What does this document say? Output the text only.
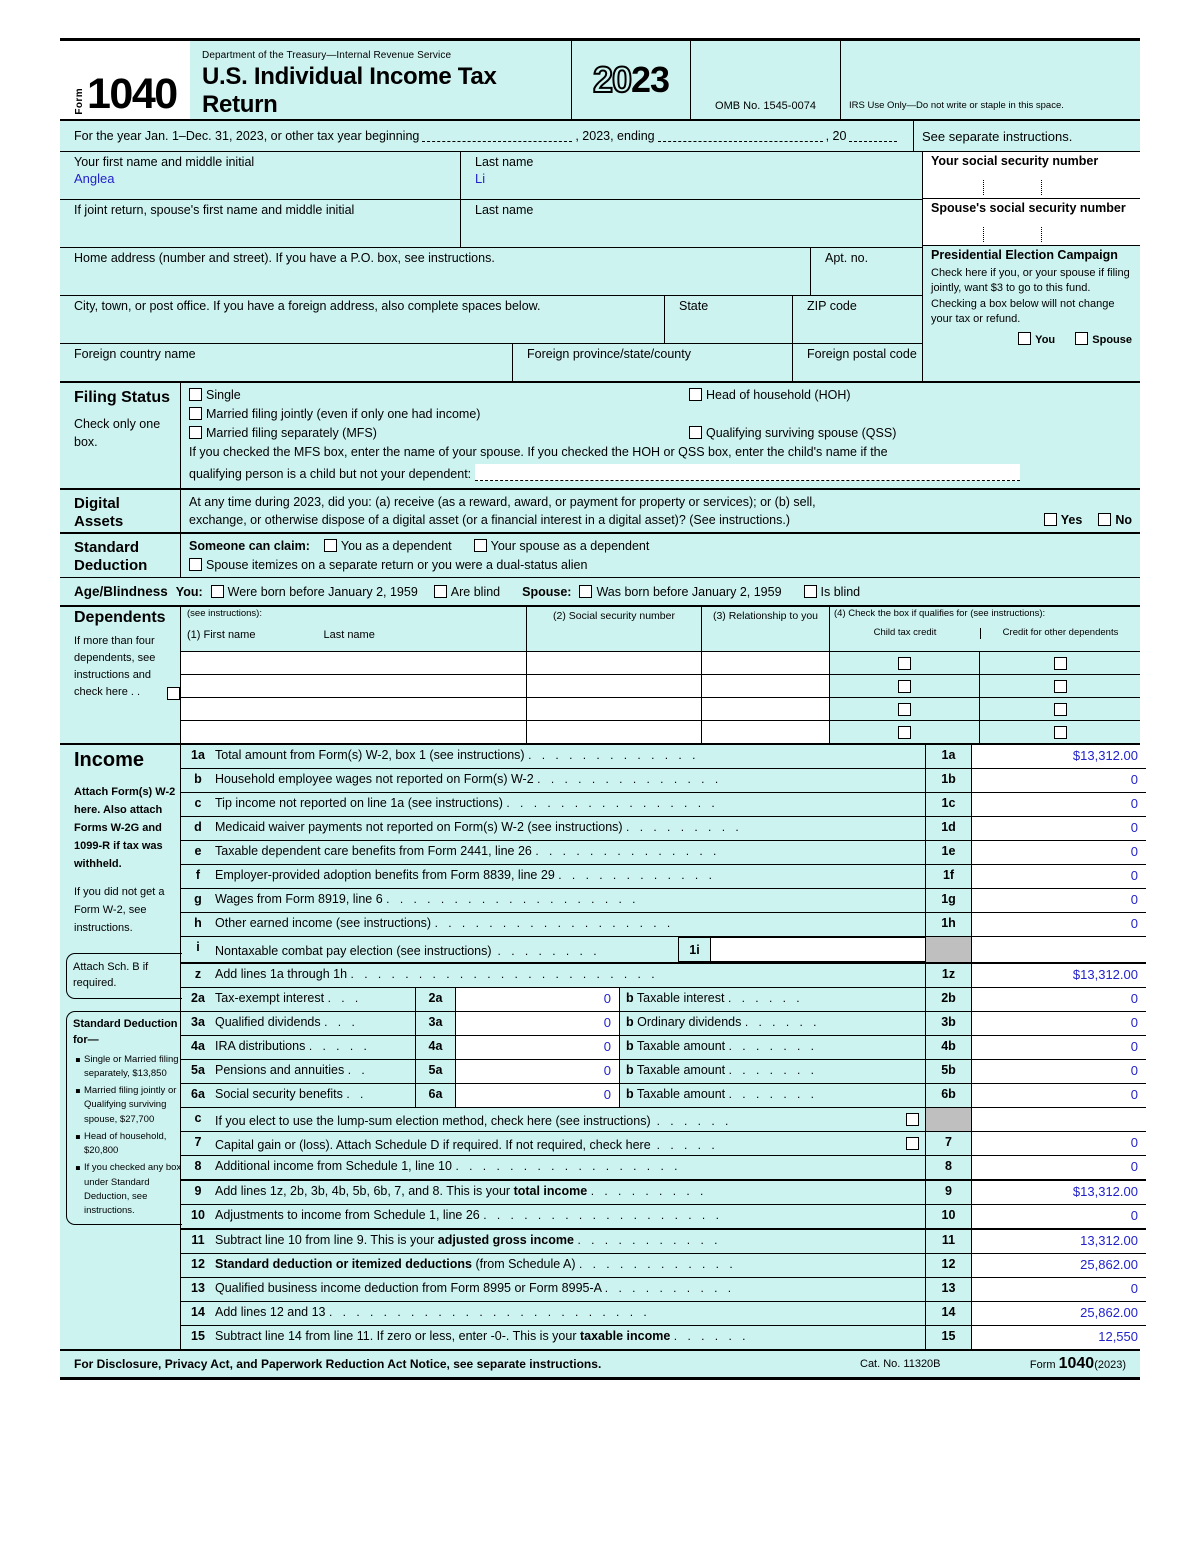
Form 1040
Department of the Treasury—Internal Revenue Service
U.S. Individual Income Tax Return
20 23
OMB No. 1545-0074	IRS Use Only—Do not write or staple in this space.
For the year Jan. 1–Dec. 31, 2023, or other tax year beginning	, 2023, ending	, 20	See separate instructions.
Your first name and middle initial
Anglea
Last name
Li
If joint return, spouse's first name and middle initial	Last name
Home address (number and street). If you have a P.O. box, see instructions.	Apt. no.
City, town, or post office. If you have a foreign address, also complete spaces below.	State	ZIP code
Foreign country name	Foreign province/state/county	Foreign postal code
Your social security number
Spouse's social security number
Presidential Election Campaign
Check here if you, or your spouse if filing jointly, want $3 to go to this fund. Checking a box below will not change your tax or refund.
You	Spouse
Filing Status
Check only one box.
Single	Head of household (HOH)
Married filing jointly (even if only one had income)
Married filing separately (MFS)	Qualifying surviving spouse (QSS)
If you checked the MFS box, enter the name of your spouse. If you checked the HOH or QSS box, enter the child's name if the
qualifying person is a child but not your dependent:
Digital
Assets
At any time during 2023, did you: (a) receive (as a reward, award, or payment for property or services); or (b) sell,
exchange, or otherwise dispose of a digital asset (or a financial interest in a digital asset)? (See instructions.)	Yes	No
Standard
Deduction
Someone can claim:	You as a dependent	Your spouse as a dependent
Spouse itemizes on a separate return or you were a dual-status alien
Age/Blindness You:	Were born before January 2, 1959	Are blind Spouse:	Was born before January 2, 1959	Is blind
Dependents
If more than four dependents, see instructions and check here . .
(see instructions):
(1) First name	Last name
(2) Social security number	(3) Relationship to you	(4) Check the box if qualifies for (see instructions):
Child tax credit	Credit for other dependents
Income
Attach Form(s) W-2 here. Also attach Forms W-2G and 1099-R if tax was withheld.
If you did not get a Form W-2, see instructions.
Attach Sch. B if required.
Standard Deduction for—
▪ Single or Married filing separately, $13,850
▪ Married filing jointly or Qualifying surviving spouse, $27,700
▪ Head of household, $20,800
▪ If you checked any box under Standard Deduction, see instructions.
1a Total amount from Form(s) W-2, box 1 (see instructions) . . . . . . . . . . . . .	1a	$13,312.00
b	Household employee wages not reported on Form(s) W-2 . . . . . . . . . . . . . .	1b	0
c	Tip income not reported on line 1a (see instructions) . . . . . . . . . . . . . . . .	1c	0
d	Medicaid waiver payments not reported on Form(s) W-2 (see instructions) . . . . . . . . .	1d	0
e	Taxable dependent care benefits from Form 2441, line 26 . . . . . . . . . . . . . .	1e	0
f	Employer-provided adoption benefits from Form 8839, line 29 . . . . . . . . . . . .	1f	0
g	Wages from Form 8919, line 6 . . . . . . . . . . . . . . . . . . .	1g	0
h	Other earned income (see instructions) . . . . . . . . . . . . . . . . . .	1h	0
i	Nontaxable combat pay election (see instructions) . . . . . . . .	1i
z	Add lines 1a through 1h . . . . . . . . . . . . . . . . . . . . . . .	1z	$13,312.00
2a Tax-exempt interest . . .	2a	0	b Taxable interest . . . . . .	2b	0
3a Qualified dividends . . .	3a	0	b Ordinary dividends . . . . . .	3b	0
4a IRA distributions . . . . .	4a	0	b Taxable amount . . . . . . .	4b	0
5a Pensions and annuities . .	5a	0	b Taxable amount . . . . . . .	5b	0
6a Social security benefits . .	6a	0	b Taxable amount . . . . . . .	6b	0
c	If you elect to use the lump-sum election method, check here (see instructions) . . . . . .
7	Capital gain or (loss). Attach Schedule D if required. If not required, check here . . . . .	7	0
8	Additional income from Schedule 1, line 10 . . . . . . . . . . . . . . . . .	8	0
9	Add lines 1z, 2b, 3b, 4b, 5b, 6b, 7, and 8. This is your total income . . . . . . . . .	9	$13,312.00
10 Adjustments to income from Schedule 1, line 26 . . . . . . . . . . . . . . . . . .	10	0
11 Subtract line 10 from line 9. This is your adjusted gross income . . . . . . . . . . .	11	13,312.00
12 Standard deduction or itemized deductions (from Schedule A) . . . . . . . . . . . .	12	25,862.00
13 Qualified business income deduction from Form 8995 or Form 8995-A . . . . . . . . . .	13	0
14 Add lines 12 and 13 . . . . . . . . . . . . . . . . . . . . . . . .	14	25,862.00
15 Subtract line 14 from line 11. If zero or less, enter -0-. This is your taxable income . . . . . .	15	12,550
For Disclosure, Privacy Act, and Paperwork Reduction Act Notice, see separate instructions.	Cat. No. 11320B	Form 1040(2023)
